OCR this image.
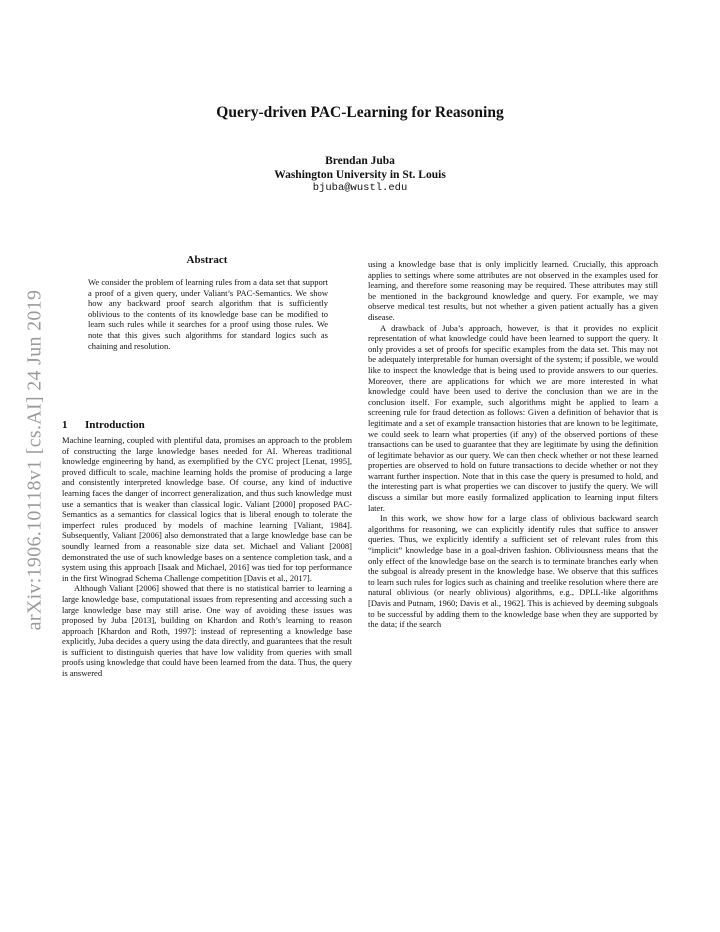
Query-driven PAC-Learning for Reasoning
Brendan Juba
Washington University in St. Louis
bjuba@wustl.edu
arXiv:1906.10118v1 [cs.AI] 24 Jun 2019
Abstract

We consider the problem of learning rules from a data set that support a proof of a given query, under Valiant’s PAC-Semantics. We show how any backward proof search algorithm that is sufficiently oblivious to the contents of its knowledge base can be modified to learn such rules while it searches for a proof using those rules. We note that this gives such algorithms for standard logics such as chaining and resolution.

1 Introduction

Machine learning, coupled with plentiful data, promises an approach to the problem of constructing the large knowledge bases needed for AI. Whereas traditional knowledge engineering by hand, as exemplified by the CYC project [Lenat, 1995], proved difficult to scale, machine learning holds the promise of producing a large and consistently interpreted knowledge base. Of course, any kind of inductive learning faces the danger of incorrect generalization, and thus such knowledge must use a semantics that is weaker than classical logic. Valiant [2000] proposed PAC-Semantics as a semantics for classical logics that is liberal enough to tolerate the imperfect rules produced by models of machine learning [Valiant, 1984]. Subsequently, Valiant [2006] also demonstrated that a large knowledge base can be soundly learned from a reasonable size data set. Michael and Valiant [2008] demonstrated the use of such knowledge bases on a sentence completion task, and a system using this approach [Isaak and Michael, 2016] was tied for top performance in the first Winograd Schema Challenge competition [Davis et al., 2017].

Although Valiant [2006] showed that there is no statistical barrier to learning a large knowledge base, computational issues from representing and accessing such a large knowledge base may still arise. One way of avoiding these issues was proposed by Juba [2013], building on Khardon and Roth’s learning to reason approach [Khardon and Roth, 1997]: instead of representing a knowledge base explicitly, Juba decides a query using the data directly, and guarantees that the result is sufficient to distinguish queries that have low validity from queries with small proofs using knowledge that could have been learned from the data. Thus, the query is answered

using a knowledge base that is only implicitly learned. Crucially, this approach applies to settings where some attributes are not observed in the examples used for learning, and therefore some reasoning may be required. These attributes may still be mentioned in the background knowledge and query. For example, we may observe medical test results, but not whether a given patient actually has a given disease.

A drawback of Juba’s approach, however, is that it provides no explicit representation of what knowledge could have been learned to support the query. It only provides a set of proofs for specific examples from the data set. This may not be adequately interpretable for human oversight of the system; if possible, we would like to inspect the knowledge that is being used to provide answers to our queries. Moreover, there are applications for which we are more interested in what knowledge could have been used to derive the conclusion than we are in the conclusion itself. For example, such algorithms might be applied to learn a screening rule for fraud detection as follows: Given a definition of behavior that is legitimate and a set of example transaction histories that are known to be legitimate, we could seek to learn what properties (if any) of the observed portions of these transactions can be used to guarantee that they are legitimate by using the definition of legitimate behavior as our query. We can then check whether or not these learned properties are observed to hold on future transactions to decide whether or not they warrant further inspection. Note that in this case the query is presumed to hold, and the interesting part is what properties we can discover to justify the query. We will discuss a similar but more easily formalized application to learning input filters later.

In this work, we show how for a large class of oblivious backward search algorithms for reasoning, we can explicitly identify rules that suffice to answer queries. Thus, we explicitly identify a sufficient set of relevant rules from this “implicit” knowledge base in a goal-driven fashion. Obliviousness means that the only effect of the knowledge base on the search is to terminate branches early when the subgoal is already present in the knowledge base. We observe that this suffices to learn such rules for logics such as chaining and treelike resolution where there are natural oblivious (or nearly oblivious) algorithms, e.g., DPLL-like algorithms [Davis and Putnam, 1960; Davis et al., 1962]. This is achieved by deeming subgoals to be successful by adding them to the knowledge base when they are supported by the data; if the search
